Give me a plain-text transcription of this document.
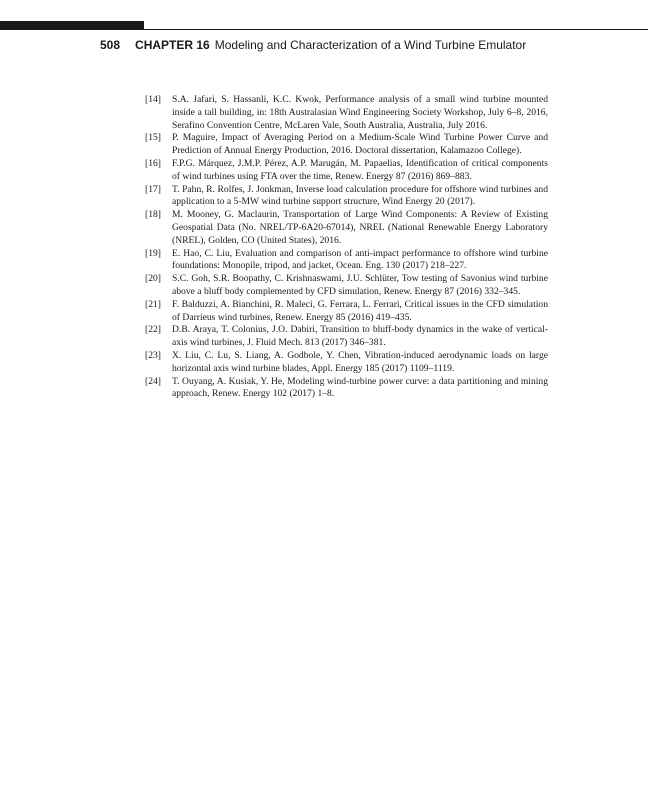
508 CHAPTER 16 Modeling and Characterization of a Wind Turbine Emulator
[14]	S.A. Jafari, S. Hassanli, K.C. Kwok, Performance analysis of a small wind turbine mounted inside a tall building, in: 18th Australasian Wind Engineering Society Workshop, July 6–8, 2016, Serafino Convention Centre, McLaren Vale, South Australia, Australia, July 2016.
[15]	P. Maguire, Impact of Averaging Period on a Medium-Scale Wind Turbine Power Curve and Prediction of Annual Energy Production, 2016. Doctoral dissertation, Kalamazoo College).
[16]	F.P.G. Márquez, J.M.P. Pérez, A.P. Marugán, M. Papaelias, Identification of critical components of wind turbines using FTA over the time, Renew. Energy 87 (2016) 869–883.
[17]	T. Pahn, R. Rolfes, J. Jonkman, Inverse load calculation procedure for offshore wind turbines and application to a 5-MW wind turbine support structure, Wind Energy 20 (2017).
[18]	M. Mooney, G. Maclaurin, Transportation of Large Wind Components: A Review of Existing Geospatial Data (No. NREL/TP-6A20-67014), NREL (National Renewable Energy Laboratory (NREL), Golden, CO (United States), 2016.
[19]	E. Hao, C. Liu, Evaluation and comparison of anti-impact performance to offshore wind turbine foundations: Monopile, tripod, and jacket, Ocean. Eng. 130 (2017) 218–227.
[20]	S.C. Goh, S.R. Boopathy, C. Krishnaswami, J.U. Schlüter, Tow testing of Savonius wind turbine above a bluff body complemented by CFD simulation, Renew. Energy 87 (2016) 332–345.
[21]	F. Balduzzi, A. Bianchini, R. Maleci, G. Ferrara, L. Ferrari, Critical issues in the CFD simulation of Darrieus wind turbines, Renew. Energy 85 (2016) 419–435.
[22]	D.B. Araya, T. Colonius, J.O. Dabiri, Transition to bluff-body dynamics in the wake of vertical-axis wind turbines, J. Fluid Mech. 813 (2017) 346–381.
[23]	X. Liu, C. Lu, S. Liang, A. Godbole, Y. Chen, Vibration-induced aerodynamic loads on large horizontal axis wind turbine blades, Appl. Energy 185 (2017) 1109–1119.
[24]	T. Ouyang, A. Kusiak, Y. He, Modeling wind-turbine power curve: a data partitioning and mining approach, Renew. Energy 102 (2017) 1–8.
